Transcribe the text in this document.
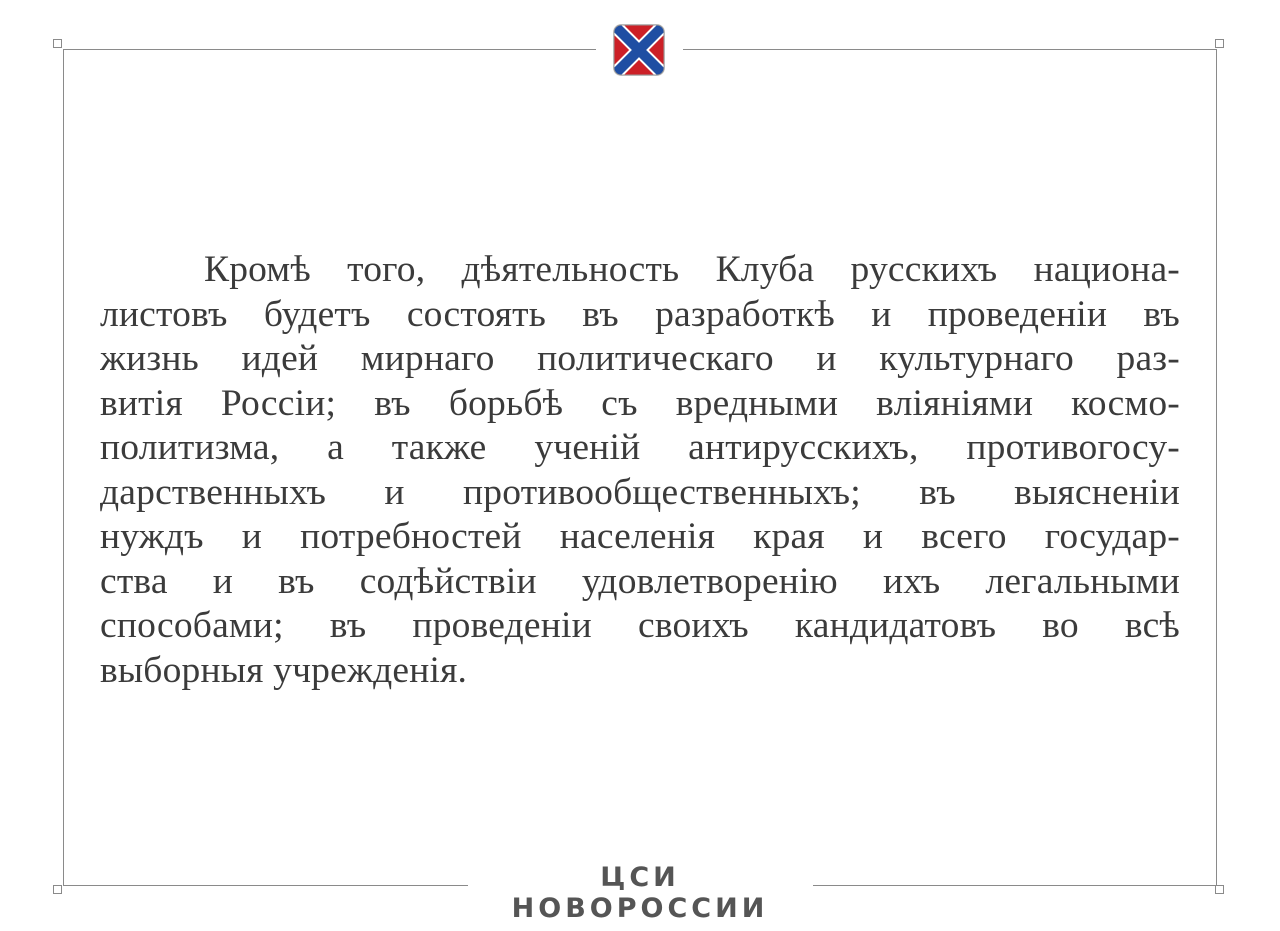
Кромѣ того, дѣятельность Клуба русскихъ национа-
листовъ будетъ состоять въ разработкѣ и проведеніи въ
жизнь идей мирнаго политическаго и культурнаго раз-
витія Россіи; въ борьбѣ съ вредными вліяніями космо-
политизма, а также ученій антирусскихъ, противогосу-
дарственныхъ и противообщественныхъ; въ выясненіи
нуждъ и потребностей населенія края и всего государ-
ства и въ содѣйствіи удовлетворенію ихъ легальными
способами; въ проведеніи своихъ кандидатовъ во всѣ
выборныя учрежденія.
ЦСИ НОВОРОССИИ
